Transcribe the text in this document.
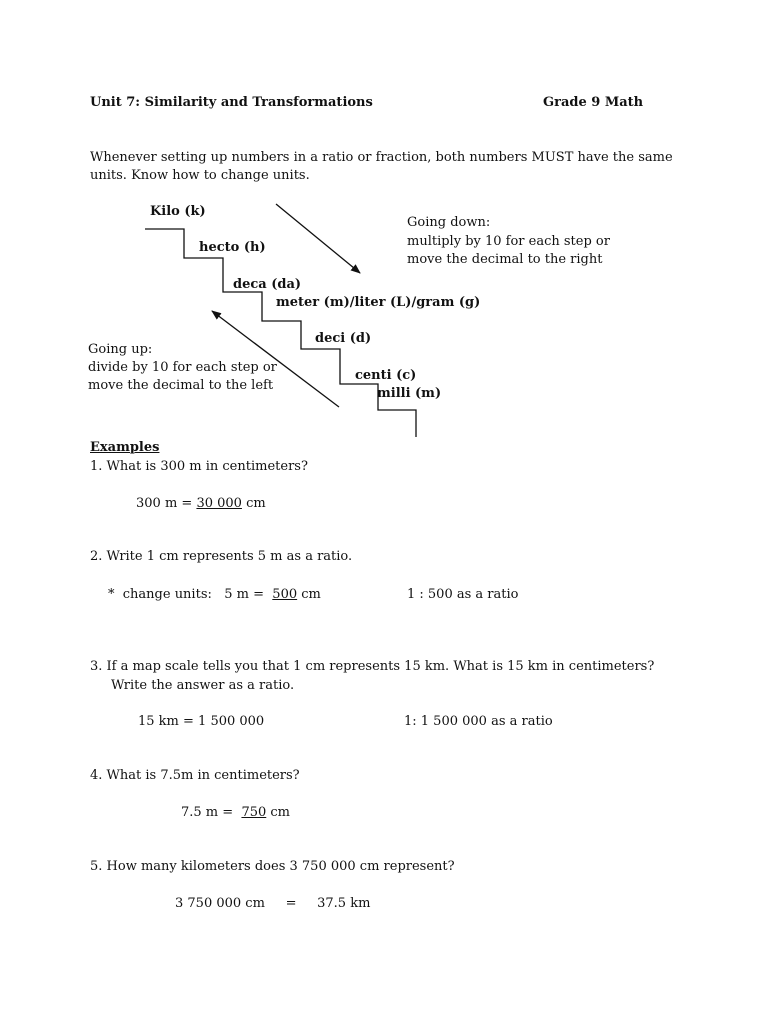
Unit 7: Similarity and Transformations	Grade 9 Math
Whenever setting up numbers in a ratio or fraction, both numbers MUST have the same
units. Know how to change units.
Kilo (k)
hecto (h)
deca (da)
meter (m)/liter (L)/gram (g)
deci (d)
centi (c)
milli (m)
Going down:
multiply by 10 for each step or
move the decimal to the right
Going up:
divide by 10 for each step or
move the decimal to the left
Examples
1. What is 300 m in centimeters?
300 m = 30 000 cm
2. Write 1 cm represents 5 m as a ratio.
*  change units:   5 m =  500 cm	1 : 500 as a ratio
3. If a map scale tells you that 1 cm represents 15 km. What is 15 km in centimeters?
Write the answer as a ratio.
15 km = 1 500 000	1: 1 500 000 as a ratio
4. What is 7.5m in centimeters?
7.5 m =  750 cm
5. How many kilometers does 3 750 000 cm represent?
3 750 000 cm     =     37.5 km
